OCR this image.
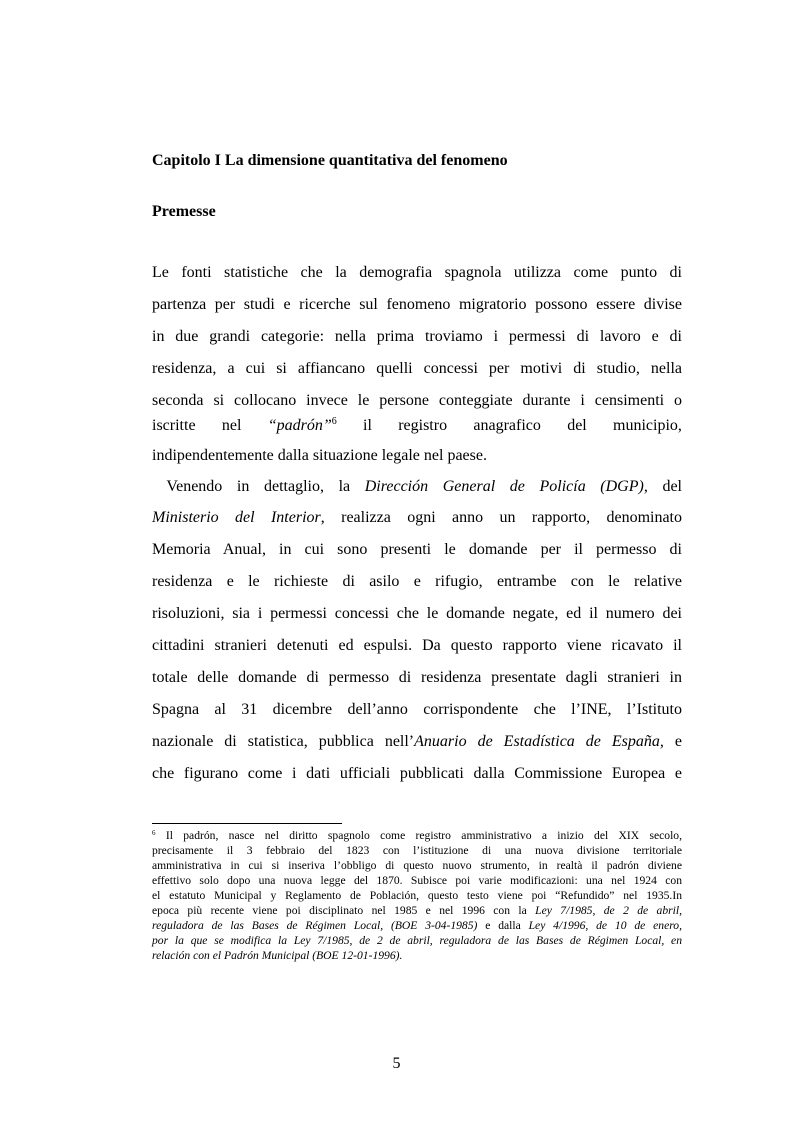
Capitolo I La dimensione quantitativa del fenomeno
Premesse
Le fonti statistiche che la demografia spagnola utilizza come punto di
partenza per studi e ricerche sul fenomeno migratorio possono essere divise
in due grandi categorie: nella prima troviamo i permessi di lavoro e di
residenza, a cui si affiancano quelli concessi per motivi di studio, nella
seconda si collocano invece le persone conteggiate durante i censimenti o
iscritte nel “padrón”$^6$ il registro anagrafico del municipio,
indipendentemente dalla situazione legale nel paese.
Venendo in dettaglio, la Dirección General de Policía (DGP), del
Ministerio del Interior, realizza ogni anno un rapporto, denominato
Memoria Anual, in cui sono presenti le domande per il permesso di
residenza e le richieste di asilo e rifugio, entrambe con le relative
risoluzioni, sia i permessi concessi che le domande negate, ed il numero dei
cittadini stranieri detenuti ed espulsi. Da questo rapporto viene ricavato il
totale delle domande di permesso di residenza presentate dagli stranieri in
Spagna al 31 dicembre dell’anno corrispondente che l’INE, l’Istituto
nazionale di statistica, pubblica nell’Anuario de Estadística de España, e
che figurano come i dati ufficiali pubblicati dalla Commissione Europea e
$^6$ Il padrón, nasce nel diritto spagnolo come registro amministrativo a inizio del XIX secolo,
precisamente il 3 febbraio del 1823 con l’istituzione di una nuova divisione territoriale
amministrativa in cui si inseriva l’obbligo di questo nuovo strumento, in realtà il padrón diviene
effettivo solo dopo una nuova legge del 1870. Subisce poi varie modificazioni: una nel 1924 con
el estatuto Municipal y Reglamento de Población, questo testo viene poi “Refundido” nel 1935.In
epoca più recente viene poi disciplinato nel 1985 e nel 1996 con la Ley 7/1985, de 2 de abril,
reguladora de las Bases de Régimen Local, (BOE 3-04-1985) e dalla Ley 4/1996, de 10 de enero,
por la que se modifica la Ley 7/1985, de 2 de abril, reguladora de las Bases de Régimen Local, en
relación con el Padrón Municipal (BOE 12-01-1996).
5
